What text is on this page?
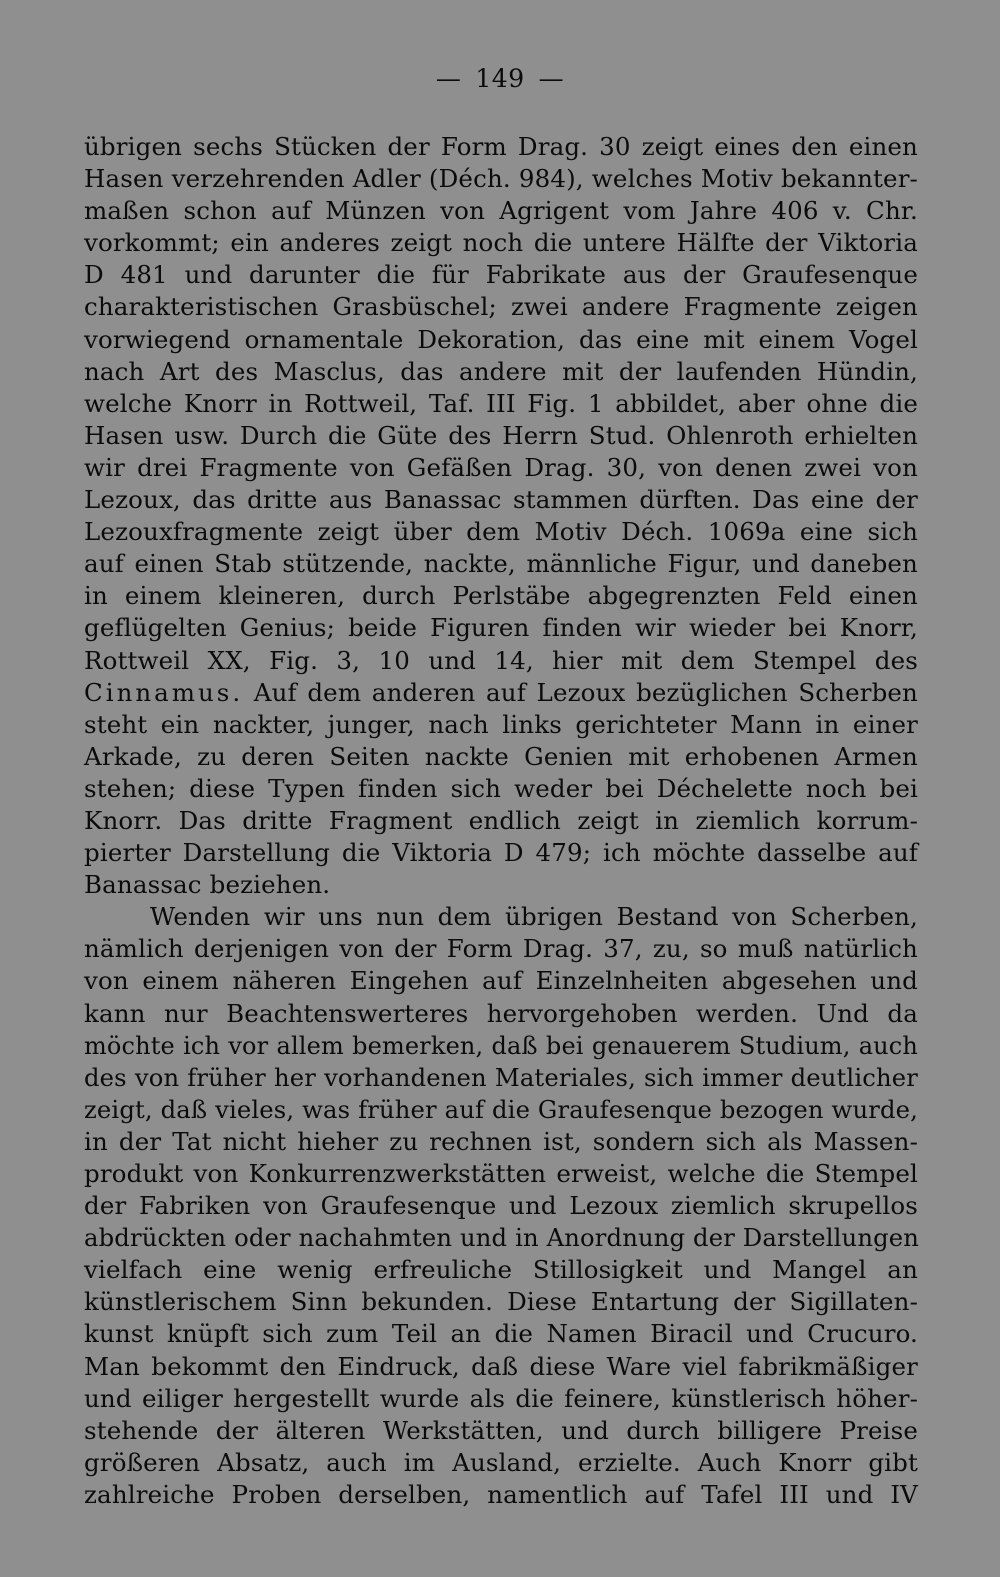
— 149 —
übrigen sechs Stücken der Form Drag. 30 zeigt eines den einen
Hasen verzehrenden Adler (Déch. 984), welches Motiv bekannter-
maßen schon auf Münzen von Agrigent vom Jahre 406 v. Chr.
vorkommt; ein anderes zeigt noch die untere Hälfte der Viktoria
D 481 und darunter die für Fabrikate aus der Graufesenque
charakteristischen Grasbüschel; zwei andere Fragmente zeigen
vorwiegend ornamentale Dekoration, das eine mit einem Vogel
nach Art des Masclus, das andere mit der laufenden Hündin,
welche Knorr in Rottweil, Taf. III Fig. 1 abbildet, aber ohne die
Hasen usw. Durch die Güte des Herrn Stud. Ohlenroth erhielten
wir drei Fragmente von Gefäßen Drag. 30, von denen zwei von
Lezoux, das dritte aus Banassac stammen dürften. Das eine der
Lezouxfragmente zeigt über dem Motiv Déch. 1069a eine sich
auf einen Stab stützende, nackte, männliche Figur, und daneben
in einem kleineren, durch Perlstäbe abgegrenzten Feld einen
geflügelten Genius; beide Figuren finden wir wieder bei Knorr,
Rottweil XX, Fig. 3, 10 und 14, hier mit dem Stempel des
Cinnamus. Auf dem anderen auf Lezoux bezüglichen Scherben
steht ein nackter, junger, nach links gerichteter Mann in einer
Arkade, zu deren Seiten nackte Genien mit erhobenen Armen
stehen; diese Typen finden sich weder bei Déchelette noch bei
Knorr. Das dritte Fragment endlich zeigt in ziemlich korrum-
pierter Darstellung die Viktoria D 479; ich möchte dasselbe auf
Banassac beziehen.
Wenden wir uns nun dem übrigen Bestand von Scherben,
nämlich derjenigen von der Form Drag. 37, zu, so muß natürlich
von einem näheren Eingehen auf Einzelnheiten abgesehen und
kann nur Beachtenswerteres hervorgehoben werden. Und da
möchte ich vor allem bemerken, daß bei genauerem Studium, auch
des von früher her vorhandenen Materiales, sich immer deutlicher
zeigt, daß vieles, was früher auf die Graufesenque bezogen wurde,
in der Tat nicht hieher zu rechnen ist, sondern sich als Massen-
produkt von Konkurrenzwerkstätten erweist, welche die Stempel
der Fabriken von Graufesenque und Lezoux ziemlich skrupellos
abdrückten oder nachahmten und in Anordnung der Darstellungen
vielfach eine wenig erfreuliche Stillosigkeit und Mangel an
künstlerischem Sinn bekunden. Diese Entartung der Sigillaten-
kunst knüpft sich zum Teil an die Namen Biracil und Crucuro.
Man bekommt den Eindruck, daß diese Ware viel fabrikmäßiger
und eiliger hergestellt wurde als die feinere, künstlerisch höher-
stehende der älteren Werkstätten, und durch billigere Preise
größeren Absatz, auch im Ausland, erzielte. Auch Knorr gibt
zahlreiche Proben derselben, namentlich auf Tafel III und IV
